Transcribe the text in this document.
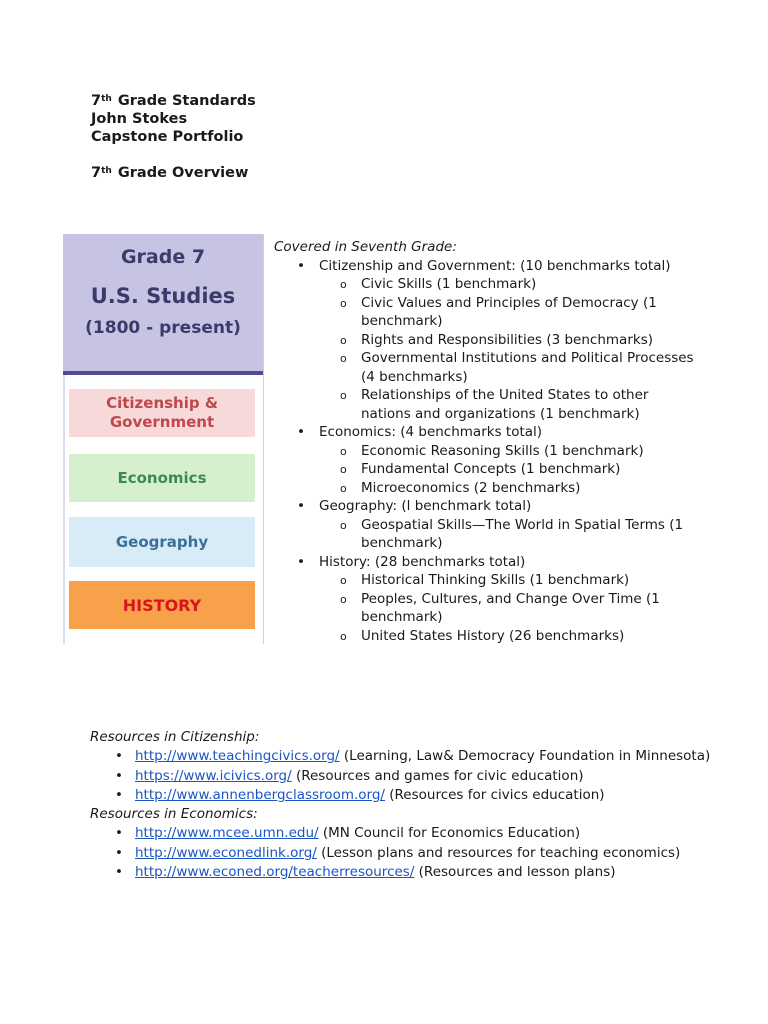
7th Grade Standards
John Stokes
Capstone Portfolio
7th Grade Overview
Grade 7
U.S. Studies
(1800 - present)
Citizenship &
Government
Economics
Geography
HISTORY
Covered in Seventh Grade:
• Citizenship and Government: (10 benchmarks total)
o Civic Skills (1 benchmark)
o Civic Values and Principles of Democracy (1 benchmark)
o Rights and Responsibilities (3 benchmarks)
o Governmental Institutions and Political Processes (4 benchmarks)
o Relationships of the United States to other nations and organizations (1 benchmark)
• Economics: (4 benchmarks total)
o Economic Reasoning Skills (1 benchmark)
o Fundamental Concepts (1 benchmark)
o Microeconomics (2 benchmarks)
• Geography: (l benchmark total)
o Geospatial Skills—The World in Spatial Terms (1 benchmark)
• History: (28 benchmarks total)
o Historical Thinking Skills (1 benchmark)
o Peoples, Cultures, and Change Over Time (1 benchmark)
o United States History (26 benchmarks)
Resources in Citizenship:
• http://www.teachingcivics.org/ (Learning, Law& Democracy Foundation in Minnesota)
• https://www.icivics.org/ (Resources and games for civic education)
• http://www.annenbergclassroom.org/ (Resources for civics education)
Resources in Economics:
• http://www.mcee.umn.edu/ (MN Council for Economics Education)
• http://www.econedlink.org/ (Lesson plans and resources for teaching economics)
• http://www.econed.org/teacherresources/ (Resources and lesson plans)
